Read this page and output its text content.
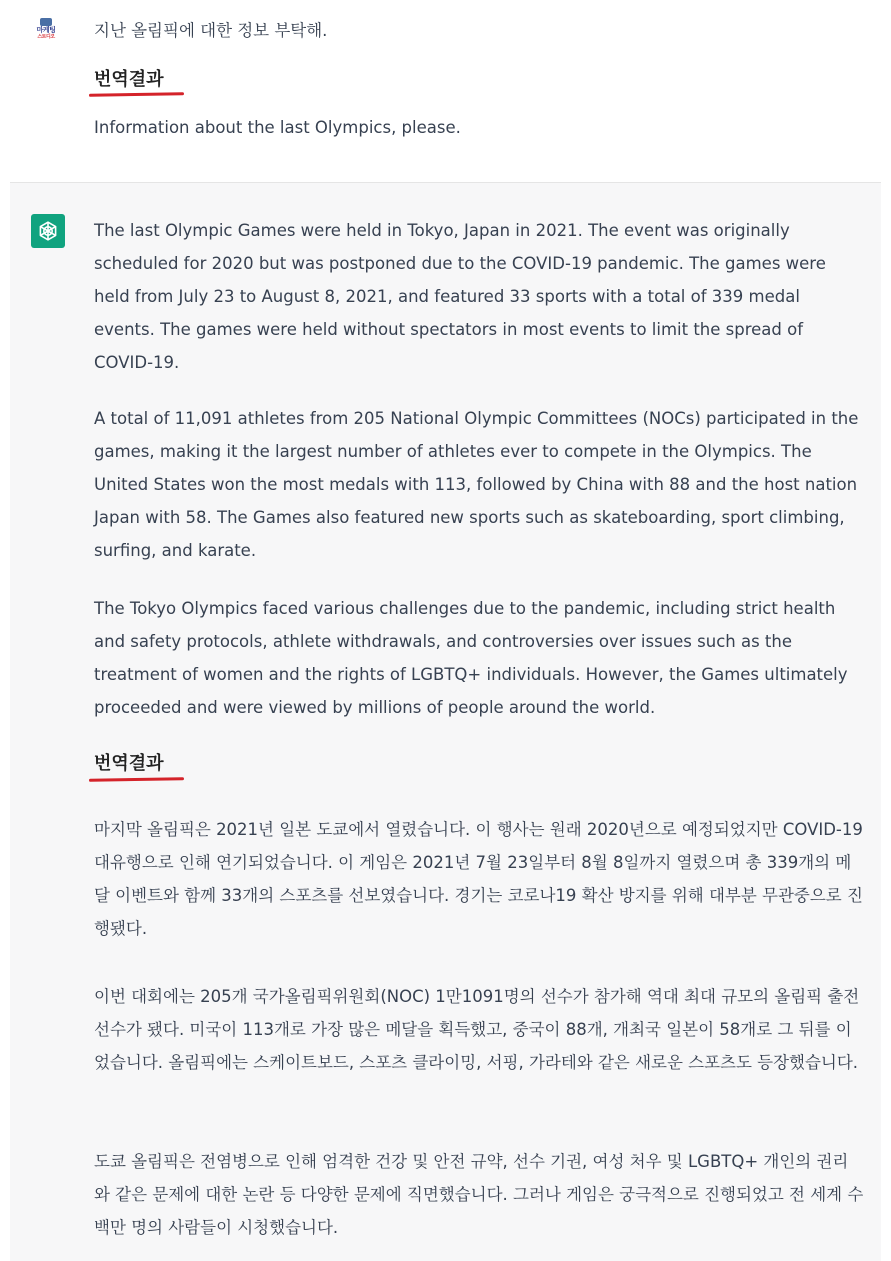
마케팅
스트디오	지난 올림픽에 대한 정보 부탁해.

번역결과

Information about the last Olympics, please.

The last Olympic Games were held in Tokyo, Japan in 2021. The event was originally scheduled for 2020 but was postponed due to the COVID-19 pandemic. The games were held from July 23 to August 8, 2021, and featured 33 sports with a total of 339 medal events. The games were held without spectators in most events to limit the spread of COVID-19.

A total of 11,091 athletes from 205 National Olympic Committees (NOCs) participated in the games, making it the largest number of athletes ever to compete in the Olympics. The United States won the most medals with 113, followed by China with 88 and the host nation Japan with 58. The Games also featured new sports such as skateboarding, sport climbing, surfing, and karate.

The Tokyo Olympics faced various challenges due to the pandemic, including strict health and safety protocols, athlete withdrawals, and controversies over issues such as the treatment of women and the rights of LGBTQ+ individuals. However, the Games ultimately proceeded and were viewed by millions of people around the world.

번역결과

마지막 올림픽은 2021년 일본 도쿄에서 열렸습니다. 이 행사는 원래 2020년으로 예정되었지만 COVID-19 대유행으로 인해 연기되었습니다. 이 게임은 2021년 7월 23일부터 8월 8일까지 열렸으며 총 339개의 메달 이벤트와 함께 33개의 스포츠를 선보였습니다. 경기는 코로나19 확산 방지를 위해 대부분 무관중으로 진행됐다.

이번 대회에는 205개 국가올림픽위원회(NOC) 1만1091명의 선수가 참가해 역대 최대 규모의 올림픽 출전 선수가 됐다. 미국이 113개로 가장 많은 메달을 획득했고, 중국이 88개, 개최국 일본이 58개로 그 뒤를 이었습니다. 올림픽에는 스케이트보드, 스포츠 클라이밍, 서핑, 가라테와 같은 새로운 스포츠도 등장했습니다.

도쿄 올림픽은 전염병으로 인해 엄격한 건강 및 안전 규약, 선수 기권, 여성 처우 및 LGBTQ+ 개인의 권리와 같은 문제에 대한 논란 등 다양한 문제에 직면했습니다. 그러나 게임은 궁극적으로 진행되었고 전 세계 수백만 명의 사람들이 시청했습니다.
